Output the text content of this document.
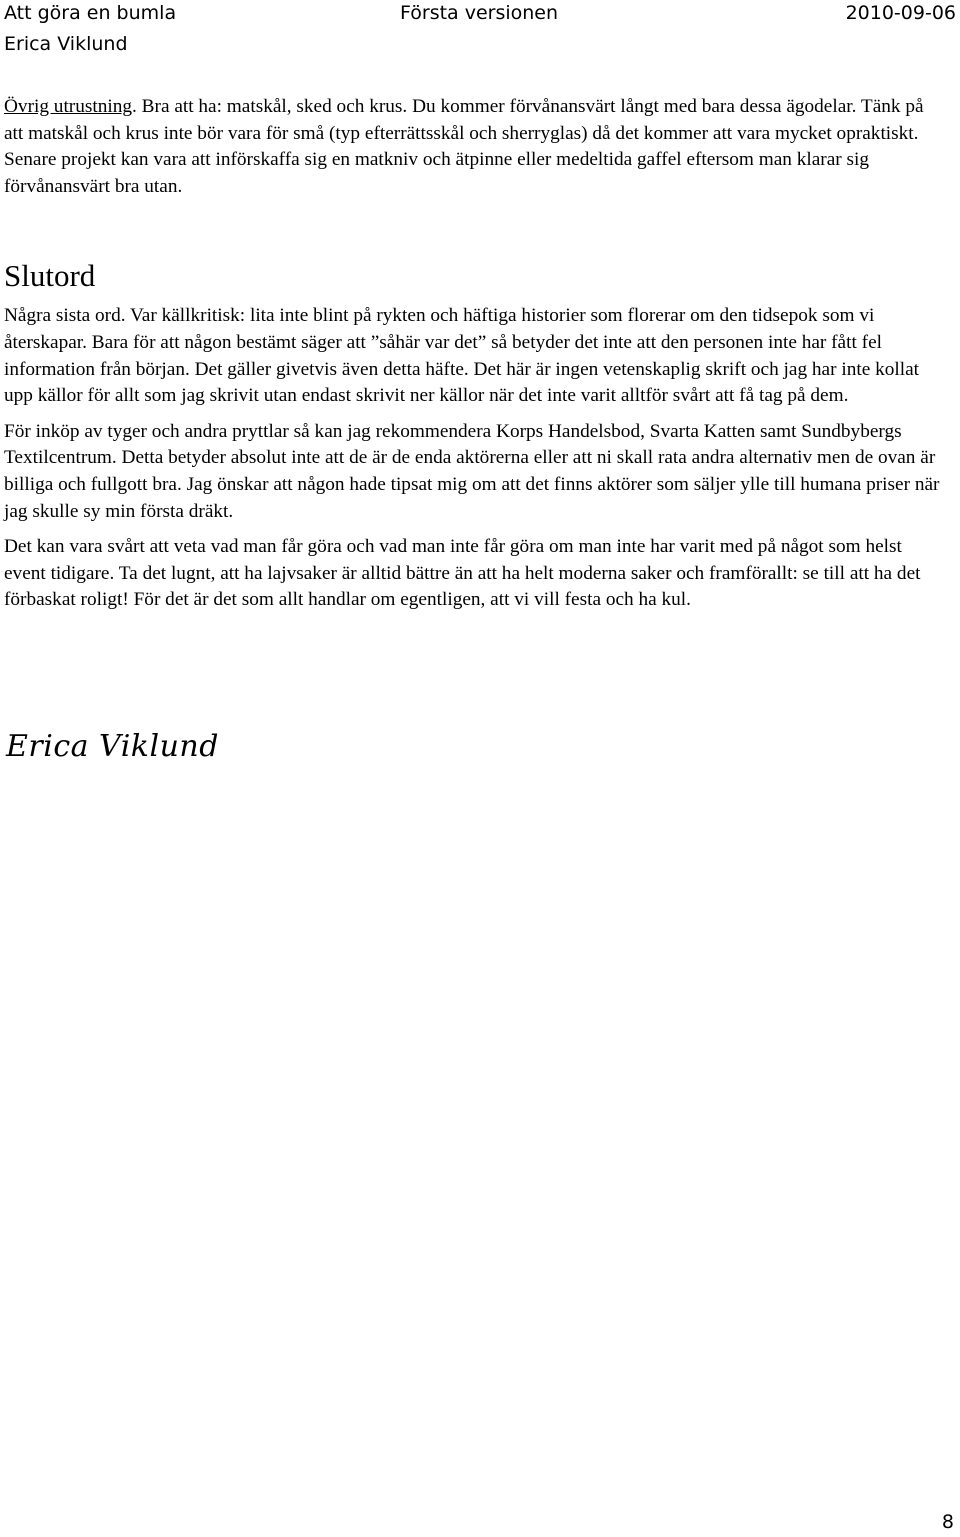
Att göra en bumla	Första versionen	2010-09-06
Erica Viklund

Övrig utrustning. Bra att ha: matskål, sked och krus. Du kommer förvånansvärt långt med bara dessa ägodelar. Tänk på att matskål och krus inte bör vara för små (typ efterrättsskål och sherryglas) då det kommer att vara mycket opraktiskt. Senare projekt kan vara att införskaffa sig en matkniv och ätpinne eller medeltida gaffel eftersom man klarar sig förvånansvärt bra utan.

Slutord

Några sista ord. Var källkritisk: lita inte blint på rykten och häftiga historier som florerar om den tidsepok som vi återskapar. Bara för att någon bestämt säger att ”såhär var det” så betyder det inte att den personen inte har fått fel information från början. Det gäller givetvis även detta häfte. Det här är ingen vetenskaplig skrift och jag har inte kollat upp källor för allt som jag skrivit utan endast skrivit ner källor när det inte varit alltför svårt att få tag på dem.

För inköp av tyger och andra pryttlar så kan jag rekommendera Korps Handelsbod, Svarta Katten samt Sundbybergs Textilcentrum. Detta betyder absolut inte att de är de enda aktörerna eller att ni skall rata andra alternativ men de ovan är billiga och fullgott bra. Jag önskar att någon hade tipsat mig om att det finns aktörer som säljer ylle till humana priser när jag skulle sy min första dräkt.

Det kan vara svårt att veta vad man får göra och vad man inte får göra om man inte har varit med på något som helst event tidigare. Ta det lugnt, att ha lajvsaker är alltid bättre än att ha helt moderna saker och framförallt: se till att ha det förbaskat roligt! För det är det som allt handlar om egentligen, att vi vill festa och ha kul.

Erica Viklund
8
